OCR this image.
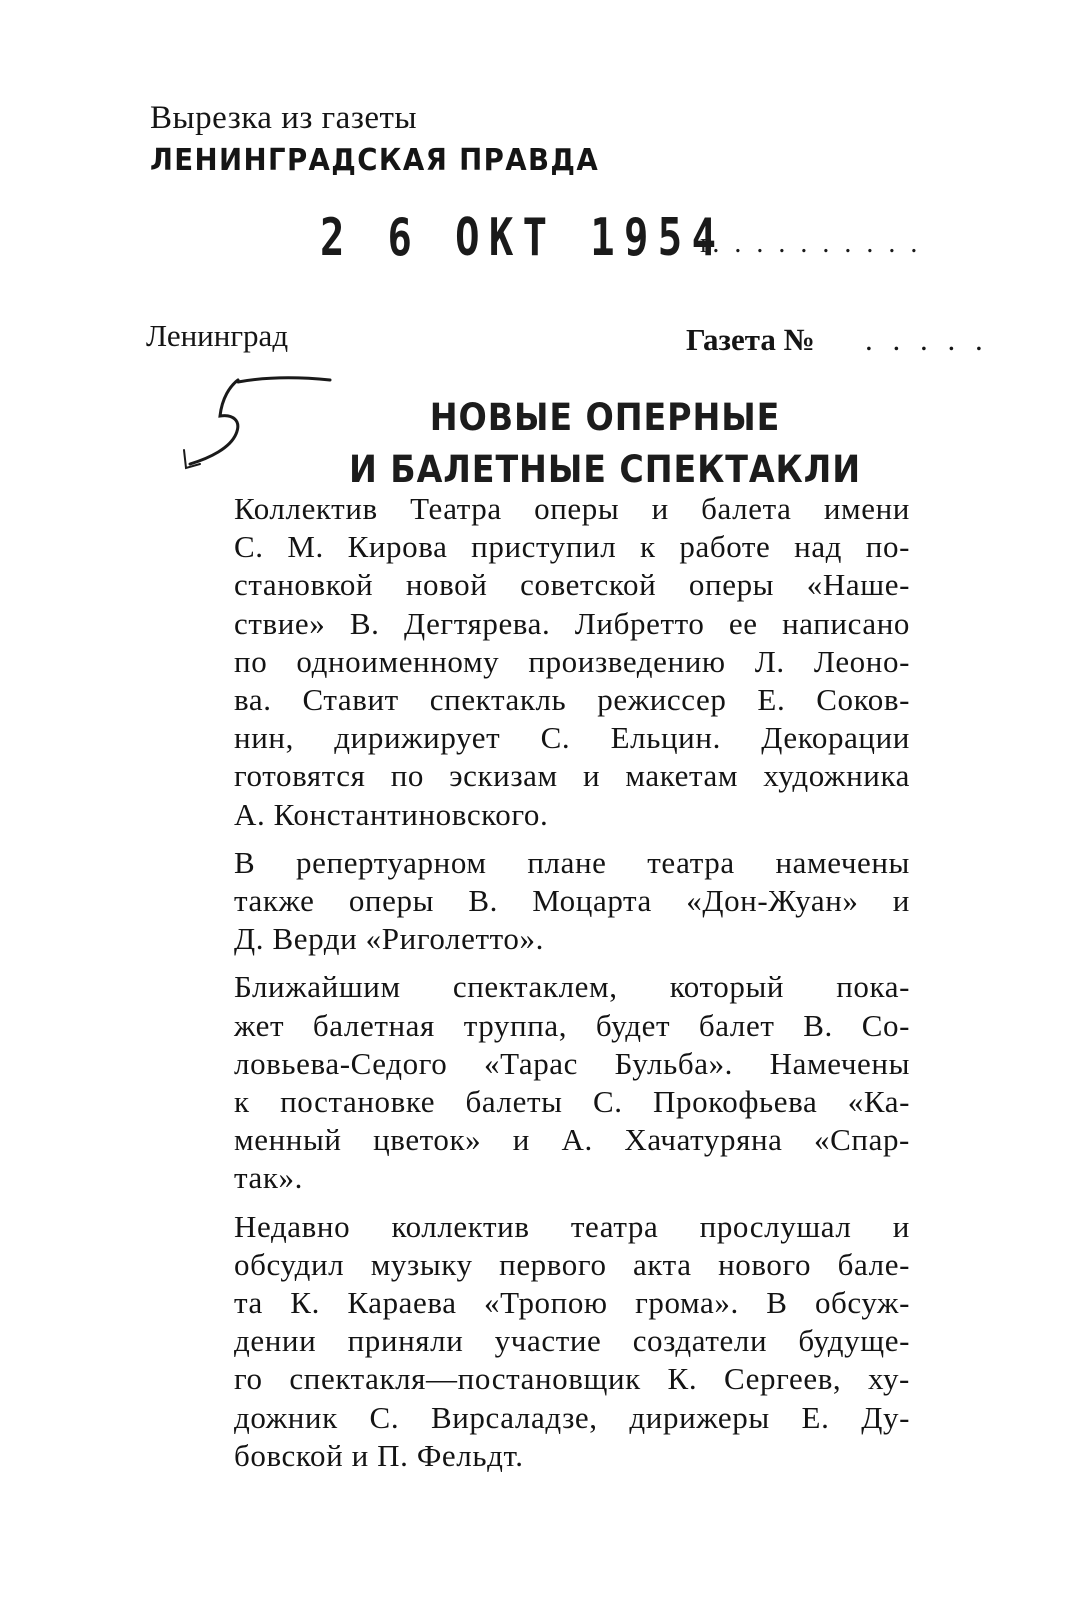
Вырезка из газеты
ЛЕНИНГРАДСКАЯ ПРАВДА
2 6 ОКТ 1954
г. . . . . . . . . .
Ленинград	Газета № . . . . .
НОВЫЕ ОПЕРНЫЕ
И БАЛЕТНЫЕ СПЕКТАКЛИ
Коллектив Театра оперы и балета имени
С. М. Кирова приступил к работе над по-
становкой новой советской оперы «Наше-
ствие» В. Дегтярева. Либретто ее написано
по одноименному произведению Л. Леоно-
ва. Ставит спектакль режиссер Е. Соков-
нин, дирижирует С. Ельцин. Декорации
готовятся по эскизам и макетам художника
А. Константиновского.
В репертуарном плане театра намечены
также оперы В. Моцарта «Дон-Жуан» и
Д. Верди «Риголетто».
Ближайшим спектаклем, который пока-
жет балетная труппа, будет балет В. Со-
ловьева-Седого «Тарас Бульба». Намечены
к постановке балеты С. Прокофьева «Ка-
менный цветок» и А. Хачатуряна «Спар-
так».
Недавно коллектив театра прослушал и
обсудил музыку первого акта нового бале-
та К. Караева «Тропою грома». В обсуж-
дении приняли участие создатели будуще-
го спектакля—постановщик К. Сергеев, ху-
дожник С. Вирсаладзе, дирижеры Е. Ду-
бовской и П. Фельдт.
